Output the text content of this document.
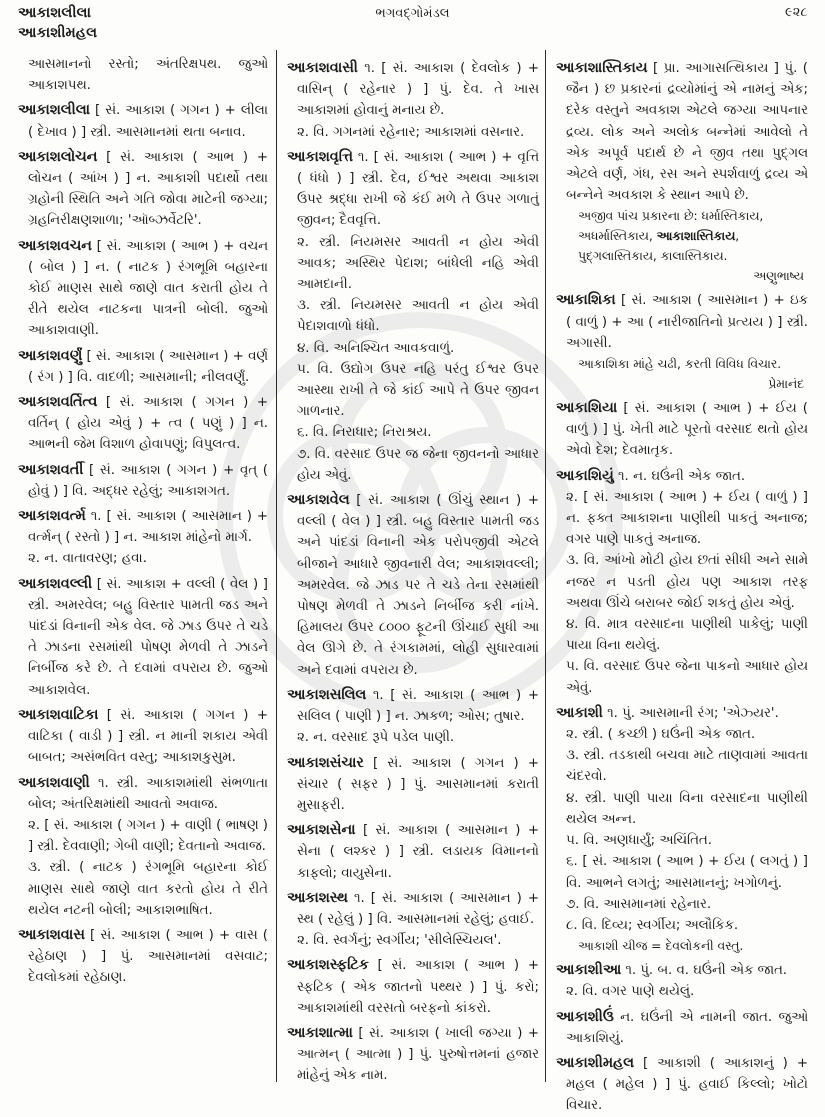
આકાશલીલા
આકાશીમહલ
ભગવદ્ગોમંડલ	૯૨૮

આસમાનનો રસ્તો; અંતરિક્ષપથ. જુઓ આકાશપથ.

આકાશલીલા [ સં. આકાશ ( ગગન ) + લીલા ( દેખાવ ) ] સ્ત્રી. આસમાનમાં થતા બનાવ.

આકાશલોચન [ સં. આકાશ ( આભ ) + લોચન ( આંખ ) ] ન. આકાશી પદાર્થો તથા ગ્રહોની સ્થિતિ અને ગતિ જોવા માટેની જગ્યા; ગ્રહનિરીક્ષણશાળા; 'ઑબ્ઝર્વેટરિ'.

આકાશવચન [ સં. આકાશ ( આભ ) + વચન ( બોલ ) ] ન. ( નાટક ) રંગભૂમિ બહારના કોઈ માણસ સાથે જાણે વાત કરાતી હોય તે રીતે થયેલ નાટકના પાત્રની બોલી. જુઓ આકાશવાણી.

આકાશવર્ણું [ સં. આકાશ ( આસમાન ) + વર્ણ ( રંગ ) ] વિ. વાદળી; આસમાની; નીલવર્ણું.

આકાશવર્તિત્વ [ સં. આકાશ ( ગગન ) + વર્તિન્ ( હોય એવું ) + ત્વ ( પણું ) ] ન. આભની જેમ વિશાળ હોવાપણું; વિપુલત્વ.

આકાશવર્તી [ સં. આકાશ ( ગગન ) + વૃત્ ( હોવું ) ] વિ. અદ્ધર રહેલું; આકાશગત.

આકાશવર્ત્મ ૧. [ સં. આકાશ ( આસમાન ) + વર્ત્મન્ ( રસ્તો ) ] ન. આકાશ માંહેનો માર્ગ.

૨. ન. વાતાવરણ; હવા.

આકાશવલ્લી [ સં. આકાશ + વલ્લી ( વેલ ) ] સ્ત્રી. અમરવેલ; બહુ વિસ્તાર પામતી જડ અને પાંદડાં વિનાની એક વેલ. જે ઝાડ ઉપર તે ચડે તે ઝાડના રસમાંથી પોષણ મેળવી તે ઝાડને નિર્બીજ કરે છે. તે દવામાં વપરાય છે. જુઓ આકાશવેલ.

આકાશવાટિકા [ સં. આકાશ ( ગગન ) + વાટિકા ( વાડી ) ] સ્ત્રી. ન માની શકાય એવી બાબત; અસંભવિત વસ્તુ; આકાશકુસુમ.

આકાશવાણી ૧. સ્ત્રી. આકાશમાંથી સંભળાતા બોલ; અંતરિક્ષમાંથી આવતો અવાજ.

૨. [ સં. આકાશ ( ગગન ) + વાણી ( ભાષણ ) ] સ્ત્રી. દેવવાણી; ગેબી વાણી; દેવતાનો અવાજ.

૩. સ્ત્રી. ( નાટક ) રંગભૂમિ બહારના કોઈ માણસ સાથે જાણે વાત કરતો હોય તે રીતે થયેલ નટની બોલી; આકાશભાષિત.

આકાશવાસ [ સં. આકાશ ( આભ ) + વાસ ( રહેઠાણ ) ] પું. આસમાનમાં વસવાટ; દેવલોકમાં રહેઠાણ.

આકાશવાસી ૧. [ સં. આકાશ ( દેવલોક ) + વાસિન્ ( રહેનાર ) ] પું. દેવ. તે ખાસ આકાશમાં હોવાનું મનાય છે.

૨. વિ. ગગનમાં રહેનાર; આકાશમાં વસનાર.

આકાશવૃત્તિ ૧. [ સં. આકાશ ( આભ ) + વૃત્તિ ( ધંધો ) ] સ્ત્રી. દેવ, ઈશ્વર અથવા આકાશ ઉપર શ્રદ્ધા રાખી જે કંઈ મળે તે ઉપર ગળાતું જીવન; દૈવવૃત્તિ.

૨. સ્ત્રી. નિયમસર આવતી ન હોય એવી આવક; અસ્થિર પેદાશ; બાંધેલી નહિ એવી આમદાની.

૩. સ્ત્રી. નિયમસર આવતી ન હોય એવી પેદાશવાળો ધંધો.

૪. વિ. અનિશ્ચિત આવકવાળું.

૫. વિ. ઉદ્યોગ ઉપર નહિ પરંતુ ઈશ્વર ઉપર આસ્થા રાખી તે જે કાંઈ આપે તે ઉપર જીવન ગાળનાર.

૬. વિ. નિરાધાર; નિરાશ્રય.

૭. વિ. વરસાદ ઉપર જ જેના જીવનનો આધાર હોય એવું.

આકાશવેલ [ સં. આકાશ ( ઊંચું સ્થાન ) + વલ્લી ( વેલ ) ] સ્ત્રી. બહુ વિસ્તાર પામતી જડ અને પાંદડાં વિનાની એક પરોપજીવી એટલે બીજાને આધારે જીવનારી વેલ; આકાશવલ્લી; અમરવેલ. જે ઝાડ પર તે ચડે તેના રસમાંથી પોષણ મેળવી તે ઝાડને નિર્બીજ કરી નાંખે. હિમાલય ઉપર ૮૦૦૦ ફૂટની ઊંચાઈ સુધી આ વેલ ઊગે છે. તે રંગકામમાં, લોહી સુધારવામાં અને દવામાં વપરાય છે.

આકાશસલિલ ૧. [ સં. આકાશ ( આભ ) + સલિલ ( પાણી ) ] ન. ઝાકળ; ઓસ; તુષાર.

૨. ન. વરસાદ રૂપે પડેલ પાણી.

આકાશસંચાર [ સં. આકાશ ( ગગન ) + સંચાર ( સફર ) ] પું. આસમાનમાં કરાતી મુસાફરી.

આકાશસેના [ સં. આકાશ ( આસમાન ) + સેના ( લશ્કર ) ] સ્ત્રી. લડાયક વિમાનનો કાફલો; વાયુસેના.

આકાશસ્થ ૧. [ સં. આકાશ ( આસમાન ) + સ્થ ( રહેલું ) ] વિ. આસમાનમાં રહેલું; હવાઈ.

૨. વિ. સ્વર્ગનું; સ્વર્ગીય; 'સીલેસ્ચિયલ'.

આકાશસ્ફટિક [ સં. આકાશ ( આભ ) + સ્ફટિક ( એક જાતનો પથ્થર ) ] પું. કરો; આકાશમાંથી વરસતો બરફનો કાંકરો.

આકાશાત્મા [ સં. આકાશ ( ખાલી જગ્યા ) + આત્મન્ ( આત્મા ) ] પું. પુરુષોત્તમનાં હજાર માંહેનું એક નામ.

આકાશાસ્તિકાય [ પ્રા. આગાસત્થિકાય ] પું. ( જૈન ) છ પ્રકારનાં દ્રવ્યોમાંનું એ નામનું એક; દરેક વસ્તુને અવકાશ એટલે જગ્યા આપનાર દ્રવ્ય. લોક અને અલોક બન્નેમાં આવેલો તે એક અપૂર્વ પદાર્થ છે ને જીવ તથા પુદ્ગલ એટલે વર્ણ, ગંધ, રસ અને સ્પર્શવાળું દ્રવ્ય એ બન્નેને અવકાશ કે સ્થાન આપે છે.

અજીવ પાંચ પ્રકારના છે: ધર્માસ્તિકાય, અધર્માસ્તિકાય, આકાશાસ્તિકાય, પુદ્ગલાસ્તિકાય, કાલાસ્તિકાય.

અણુભાષ્ય

આકાશિકા [ સં. આકાશ ( આસમાન ) + ઇક ( વાળું ) + આ ( નારીજાતિનો પ્રત્યય ) ] સ્ત્રી. અગાસી.

આકાશિકા માંહે ચઢી, કરતી વિવિધ વિચાર.

પ્રેમાનંદ

આકાશિયા [ સં. આકાશ ( આભ ) + ઈય ( વાળું ) ] પું. ખેતી માટે પૂરતો વરસાદ થતો હોય એવો દેશ; દેવમાતૃક.

આકાશિયું ૧. ન. ઘઉંની એક જાત.

૨. [ સં. આકાશ ( આભ ) + ઈય ( વાળું ) ] ન. ફક્ત આકાશના પાણીથી પાકતું અનાજ; વગર પાણે પાકતું અનાજ.

૩. વિ. આંખો મોટી હોય છતાં સીધી અને સામે નજર ન પડતી હોય પણ આકાશ તરફ અથવા ઊંચે બરાબર જોઈ શકતું હોય એવું.

૪. વિ. માત્ર વરસાદના પાણીથી પાકેલું; પાણી પાયા વિના થયેલું.

૫. વિ. વરસાદ ઉપર જેના પાકનો આધાર હોય એવું.

આકાશી ૧. પું. આસમાની રંગ; 'એઝ્યર'.

૨. સ્ત્રી. ( કચ્છી ) ઘઉંની એક જાત.

૩. સ્ત્રી. તડકાથી બચવા માટે તાણવામાં આવતા ચંદરવો.

૪. સ્ત્રી. પાણી પાયા વિના વરસાદના પાણીથી થયેલ અન્ન.

૫. વિ. અણધાર્યું; અચિંતિત.

૬. [ સં. આકાશ ( આભ ) + ઈય ( લગતું ) ] વિ. આભને લગતું; આસમાનનું; ખગોળનું.

૭. વિ. આસમાનમાં રહેનાર.

૮. વિ. દિવ્ય; સ્વર્ગીય; અલૌકિક.

આકાશી ચીજ = દેવલોકની વસ્તુ.

આકાશીઆ ૧. પું. બ. વ. ઘઉંની એક જાત.

૨. વિ. વગર પાણે થયેલું.

આકાશીઉં ન. ઘઉંની એ નામની જાત. જુઓ આકાશિયું.

આકાશીમહલ [ આકાશી ( આકાશનું ) + મહલ ( મહેલ ) ] પું. હવાઈ કિલ્લો; ખોટો વિચાર.
